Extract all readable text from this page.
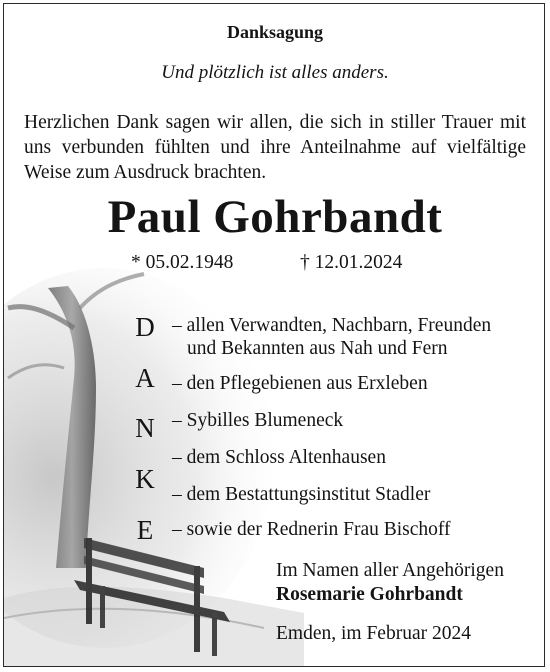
Danksagung
Und plötzlich ist alles anders.
Herzlichen Dank sagen wir allen, die sich in stiller Trauer mit uns verbunden fühlten und ihre Anteilnahme auf vielfältige Weise zum Ausdruck brachten.
Paul Gohrbandt
* 05.02.1948	† 12.01.2024
D
A
N
K
E
– allen Verwandten, Nachbarn, Freunden
und Bekannten aus Nah und Fern
– den Pflegebienen aus Erxleben
– Sybilles Blumeneck
– dem Schloss Altenhausen
– dem Bestattungsinstitut Stadler
– sowie der Rednerin Frau Bischoff
Im Namen aller Angehörigen
Rosemarie Gohrbandt
Emden, im Februar 2024
